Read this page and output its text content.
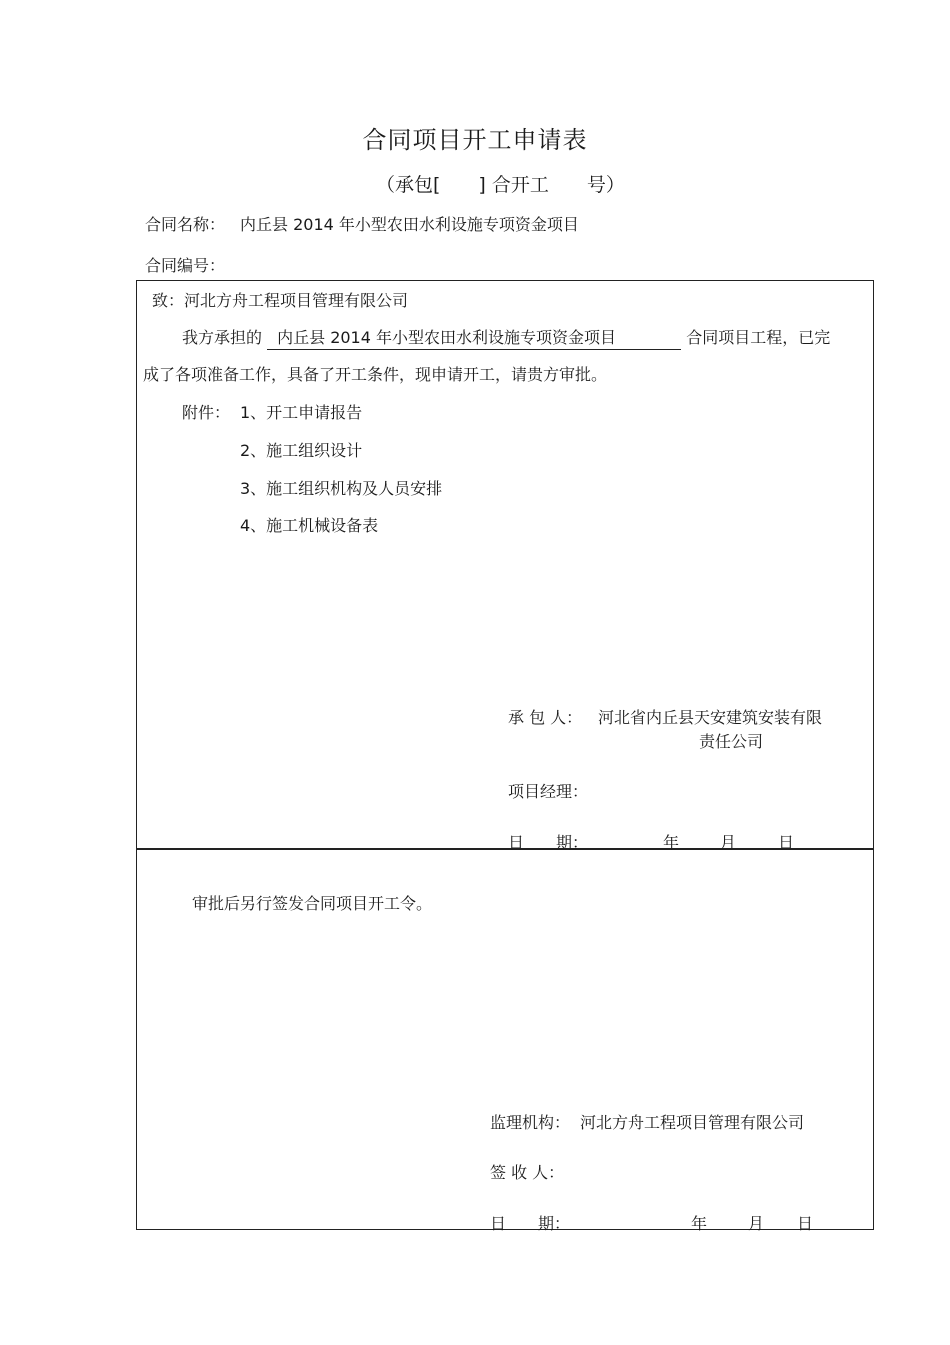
合同项目开工申请表
（承包[　　] 合开工　　号）
合同名称： 内丘县 2014 年小型农田水利设施专项资金项目
合同编号：
致：河北方舟工程项目管理有限公司
我方承担的 内丘县 2014 年小型农田水利设施专项资金项目	合同项目工程，已完
成了各项准备工作，具备了开工条件，现申请开工，请贵方审批。
附件： 1、开工申请报告
2、施工组织设计
3、施工组织机构及人员安排
4、施工机械设备表
承 包 人： 河北省内丘县天安建筑安装有限
责任公司
项目经理：
日　　期：	年	月	日
审批后另行签发合同项目开工令。
监理机构： 河北方舟工程项目管理有限公司
签 收 人：
日　　期：	年	月 日
